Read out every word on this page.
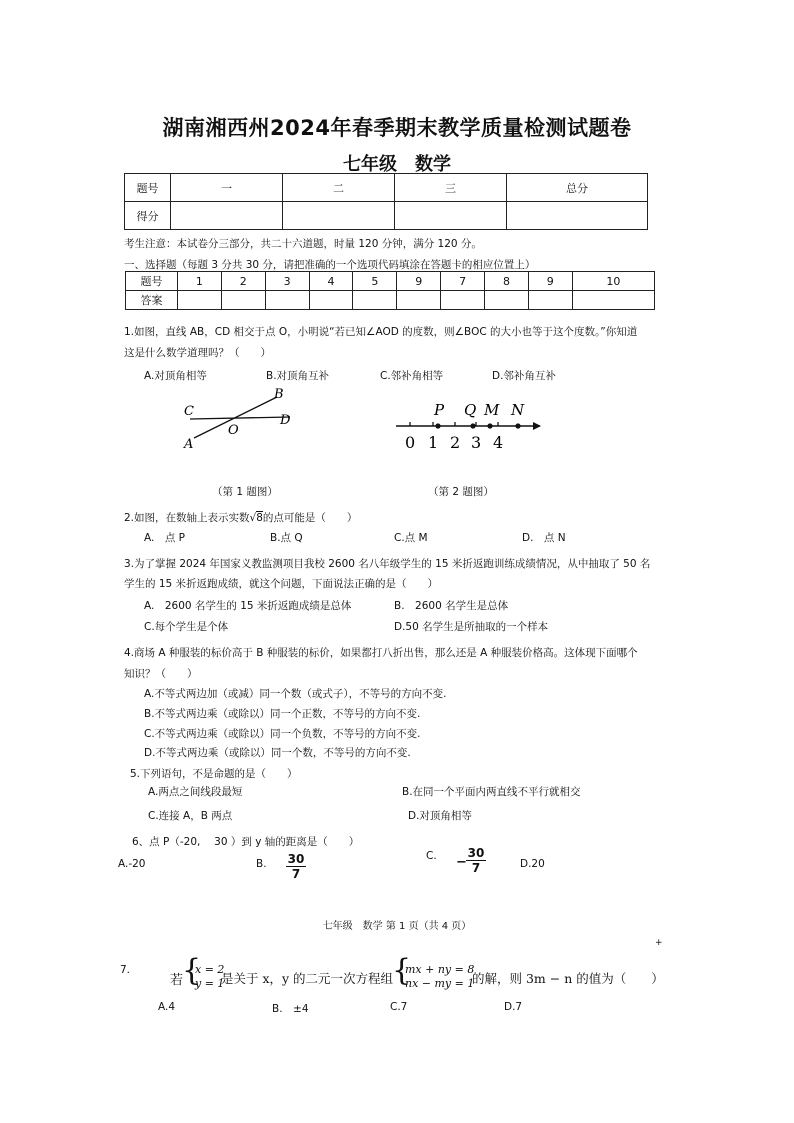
湖南湘西州2024年春季期末教学质量检测试题卷
七年级　数学
题号	一	二	三	总分
得分				
考生注意：本试卷分三部分，共二十六道题，时量 120 分钟，满分 120 分。
一、选择题（每题 3 分共 30 分，请把准确的一个选项代码填涂在答题卡的相应位置上）
题号	1	2	3	4	5	9	7	8	9	10
答案										
1.如图，直线 AB，CD 相交于点 O，小明说“若已知∠AOD 的度数，则∠BOC 的大小也等于这个度数。”你知道
这是什么数学道理吗？（　　）
A.对顶角相等	B.对顶角互补	C.邻补角相等	D.邻补角互补
C
B
D
O
A
P Q M N
0 1 2 3 4
（第 1 题图）	（第 2 题图）
2.如图，在数轴上表示实数√8的点可能是（　　）
A.　点 P	B.点 Q	C.点 M	D.　点 N
3.为了掌握 2024 年国家义教监测项目我校 2600 名八年级学生的 15 米折返跑训练成绩情况，从中抽取了 50 名
学生的 15 米折返跑成绩，就这个问题，下面说法正确的是（　　）
A.　2600 名学生的 15 米折返跑成绩是总体	B.　2600 名学生是总体
C.每个学生是个体	D.50 名学生是所抽取的一个样本
4.商场 A 种服装的标价高于 B 种服装的标价，如果都打八折出售，那么还是 A 种服装价格高。这体现下面哪个
知识？（　　）
A.不等式两边加（或减）同一个数（或式子），不等号的方向不变.
B.不等式两边乘（或除以）同一个正数，不等号的方向不变.
C.不等式两边乘（或除以）同一个负数，不等号的方向不变.
D.不等式两边乘（或除以）同一个数，不等号的方向不变.
5.下列语句，不是命题的是（　　）
A.两点之间线段最短	B.在同一个平面内两直线不平行就相交
C.连接 A，B 两点	D.对顶角相等
6、点 P（-20,　 30 ）到 y 轴的距离是（　　）
A.-20	B. $\frac{30}{7}$	C. − $\frac{30}{7}$	D.20
七年级　数学 第 1 页（共 4 页）
+
7.
若
{
x = 2
y = 1
是关于 x，y 的二元一次方程组
{
mx + ny = 8
nx − my = 1
的解，则 3m − n 的值为（　　）
A.4	B.　±4	C.7	D.7
